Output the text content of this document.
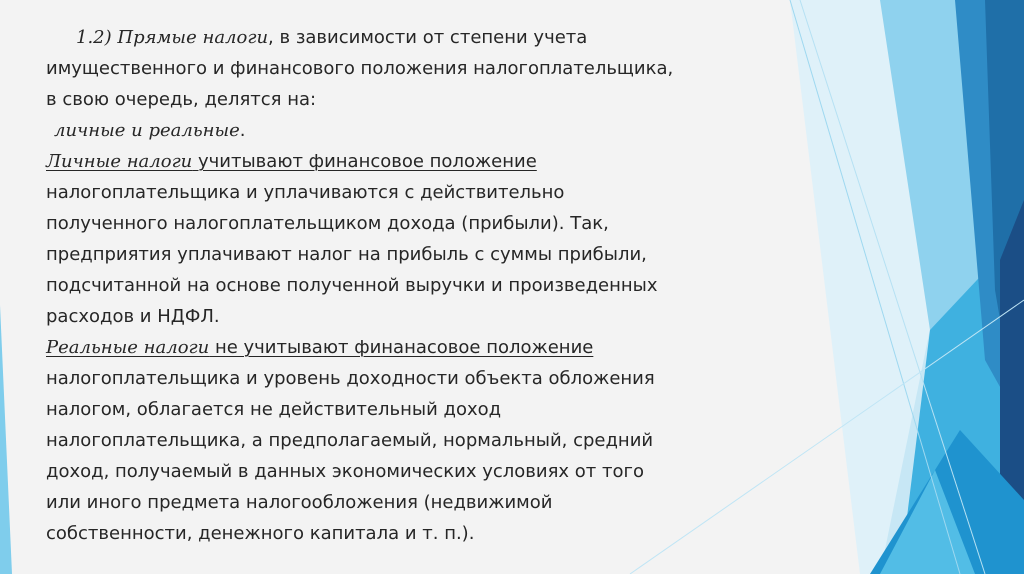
1.2) Прямые налоги, в зависимости от степени учета
имущественного и финансового положения налогоплательщика,
в свою очередь, делятся на:
личные и реальные.
Личные налоги учитывают финансовое положение
налогоплательщика и уплачиваются с действительно
полученного налогоплательщиком дохода (прибыли). Так,
предприятия уплачивают налог на прибыль с суммы прибыли,
подсчитанной на основе полученной выручки и произведенных
расходов и НДФЛ.
Реальные налоги не учитывают финанасовое положение
налогоплательщика и уровень доходности объекта обложения
налогом, облагается не действительный доход
налогоплательщика, а предполагаемый, нормальный, средний
доход, получаемый в данных экономических условиях от того
или иного предмета налогообложения (недвижимой
собственности, денежного капитала и т. п.).
